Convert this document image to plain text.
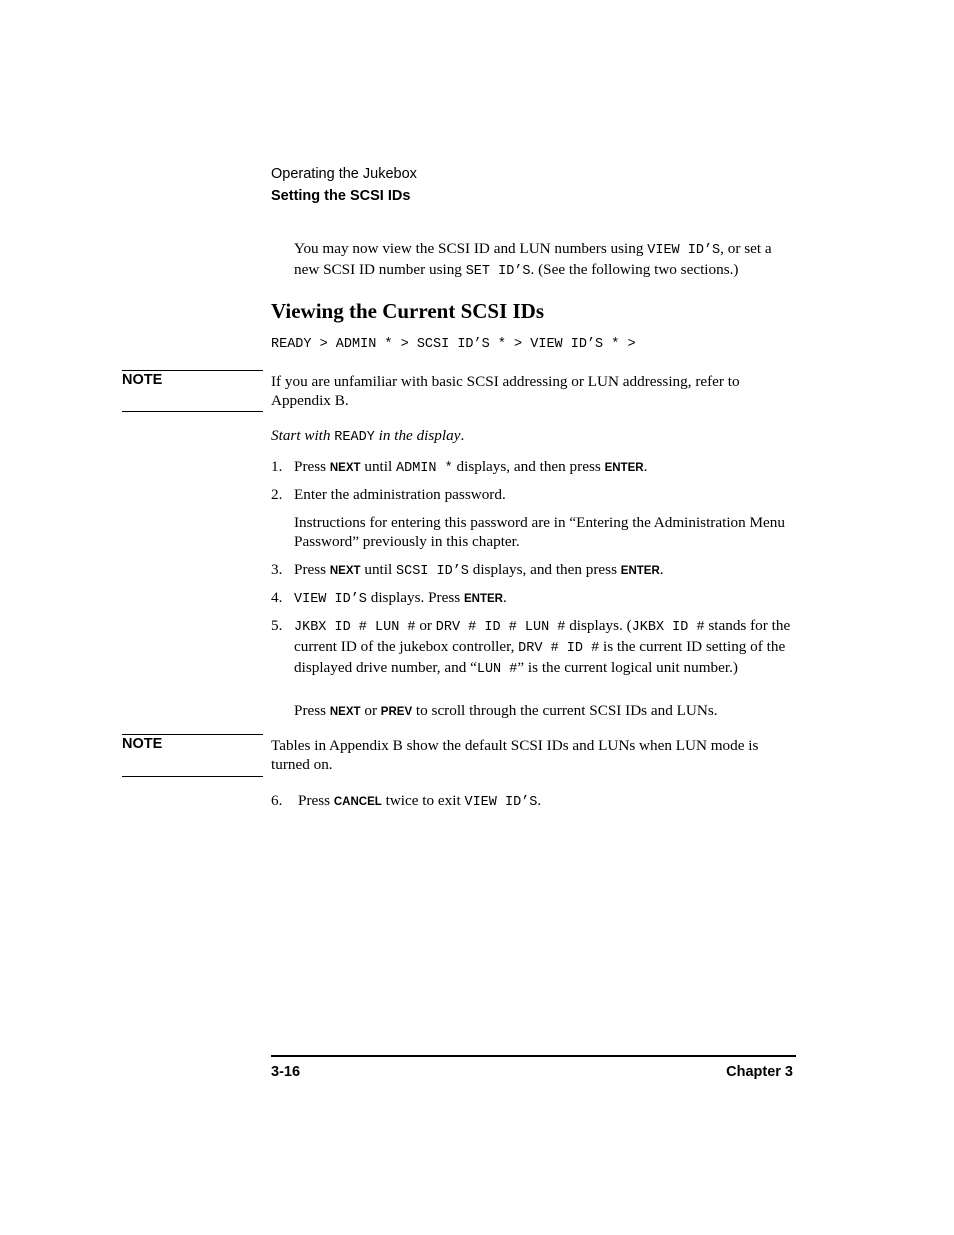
Operating the Jukebox
Setting the SCSI IDs
You may now view the SCSI ID and LUN numbers using VIEW ID’S, or set a new SCSI ID number using SET ID’S. (See the following two sections.)
Viewing the Current SCSI IDs
READY > ADMIN * > SCSI ID’S * > VIEW ID’S * >
NOTE	If you are unfamiliar with basic SCSI addressing or LUN addressing, refer to Appendix B.
Start with READY in the display.
1. Press NEXT until ADMIN * displays, and then press ENTER.
2. Enter the administration password.
Instructions for entering this password are in “Entering the Administration Menu Password” previously in this chapter.
3. Press NEXT until SCSI ID’S displays, and then press ENTER.
4. VIEW ID’S displays. Press ENTER.
5. JKBX ID # LUN # or DRV # ID # LUN # displays. (JKBX ID # stands for the current ID of the jukebox controller, DRV # ID # is the current ID setting of the displayed drive number, and “LUN #” is the current logical unit number.)
Press NEXT or PREV to scroll through the current SCSI IDs and LUNs.
NOTE	Tables in Appendix B show the default SCSI IDs and LUNs when LUN mode is turned on.
6. Press CANCEL twice to exit VIEW ID’S.
3-16	Chapter 3
